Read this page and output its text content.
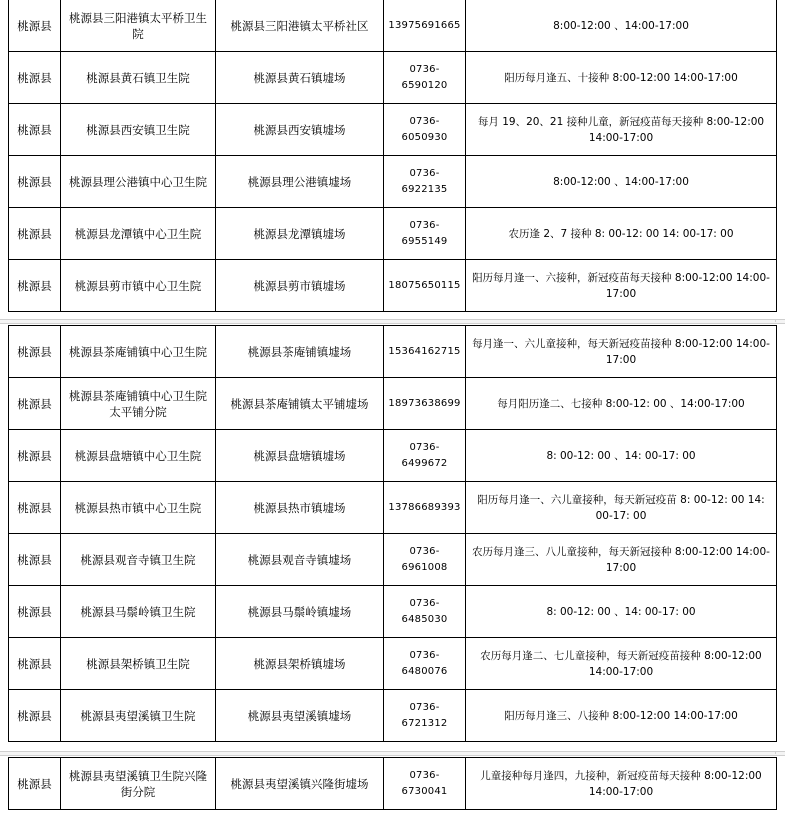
桃源县	桃源县三阳港镇太平桥卫生院	桃源县三阳港镇太平桥社区	13975691665	8:00-12:00 、14:00-17:00
桃源县	桃源县黄石镇卫生院	桃源县黄石镇墟场	0736-6590120	阳历每月逢五、十接种 8:00-12:00 14:00-17:00
桃源县	桃源县西安镇卫生院	桃源县西安镇墟场	0736-6050930	每月 19、20、21 接种儿童，新冠疫苗每天接种 8:00-12:00 14:00-17:00
桃源县	桃源县理公港镇中心卫生院	桃源县理公港镇墟场	0736-6922135	8:00-12:00 、14:00-17:00
桃源县	桃源县龙潭镇中心卫生院	桃源县龙潭镇墟场	0736-6955149	农历逢 2、7 接种 8: 00-12: 00 14: 00-17: 00
桃源县	桃源县剪市镇中心卫生院	桃源县剪市镇墟场	18075650115	阳历每月逢一、六接种，新冠疫苗每天接种 8:00-12:00 14:00-17:00
桃源县	桃源县茶庵铺镇中心卫生院	桃源县茶庵铺镇墟场	15364162715	每月逢一、六儿童接种，每天新冠疫苗接种 8:00-12:00 14:00-17:00
桃源县	桃源县茶庵铺镇中心卫生院太平铺分院	桃源县茶庵铺镇太平铺墟场	18973638699	每月阳历逢二、七接种 8:00-12: 00 、14:00-17:00
桃源县	桃源县盘塘镇中心卫生院	桃源县盘塘镇墟场	0736-6499672	8: 00-12: 00 、14: 00-17: 00
桃源县	桃源县热市镇中心卫生院	桃源县热市镇墟场	13786689393	阳历每月逢一、六儿童接种，每天新冠疫苗 8: 00-12: 00 14: 00-17: 00
桃源县	桃源县观音寺镇卫生院	桃源县观音寺镇墟场	0736-6961008	农历每月逢三、八儿童接种，每天新冠接种 8:00-12:00 14:00-17:00
桃源县	桃源县马鬃岭镇卫生院	桃源县马鬃岭镇墟场	0736-6485030	8: 00-12: 00 、14: 00-17: 00
桃源县	桃源县架桥镇卫生院	桃源县架桥镇墟场	0736-6480076	农历每月逢二、七儿童接种，每天新冠疫苗接种 8:00-12:00 14:00-17:00
桃源县	桃源县夷望溪镇卫生院	桃源县夷望溪镇墟场	0736-6721312	阳历每月逢三、八接种 8:00-12:00 14:00-17:00
桃源县	桃源县夷望溪镇卫生院兴隆街分院	桃源县夷望溪镇兴隆街墟场	0736-6730041	儿童接种每月逢四，九接种，新冠疫苗每天接种 8:00-12:00 14:00-17:00
